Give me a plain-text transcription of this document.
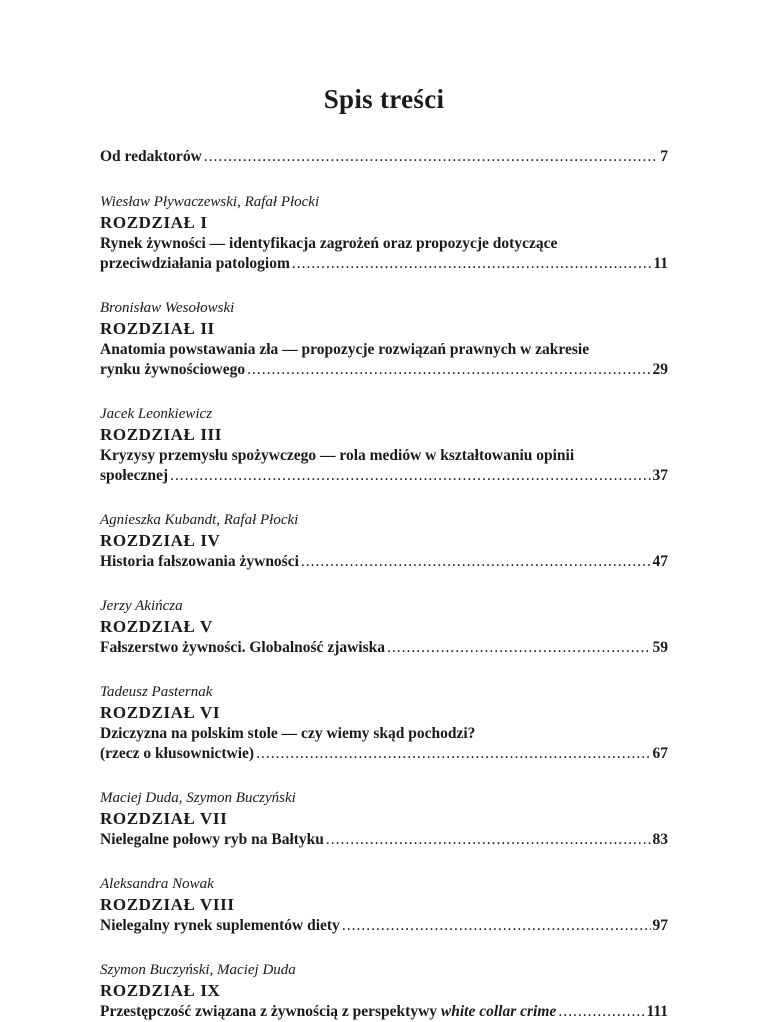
Spis treści
Od redaktorów .....	7
Wiesław Pływaczewski, Rafał Płocki
ROZDZIAŁ I
Rynek żywności — identyfikacja zagrożeń oraz propozycje dotyczące
przeciwdziałania patologiom .....	11
Bronisław Wesołowski
ROZDZIAŁ II
Anatomia powstawania zła — propozycje rozwiązań prawnych w zakresie
rynku żywnościowego .....	29
Jacek Leonkiewicz
ROZDZIAŁ III
Kryzysy przemysłu spożywczego — rola mediów w kształtowaniu opinii
społecznej .....	37
Agnieszka Kubandt, Rafał Płocki
ROZDZIAŁ IV
Historia fałszowania żywności .....	47
Jerzy Akińcza
ROZDZIAŁ V
Fałszerstwo żywności. Globalność zjawiska .....	59
Tadeusz Pasternak
ROZDZIAŁ VI
Dziczyzna na polskim stole — czy wiemy skąd pochodzi?
(rzecz o kłusownictwie) .....	67
Maciej Duda, Szymon Buczyński
ROZDZIAŁ VII
Nielegalne połowy ryb na Bałtyku .....	83
Aleksandra Nowak
ROZDZIAŁ VIII
Nielegalny rynek suplementów diety .....	97
Szymon Buczyński, Maciej Duda
ROZDZIAŁ IX
Przestępczość związana z żywnością z perspektywy white collar crime .....	111
